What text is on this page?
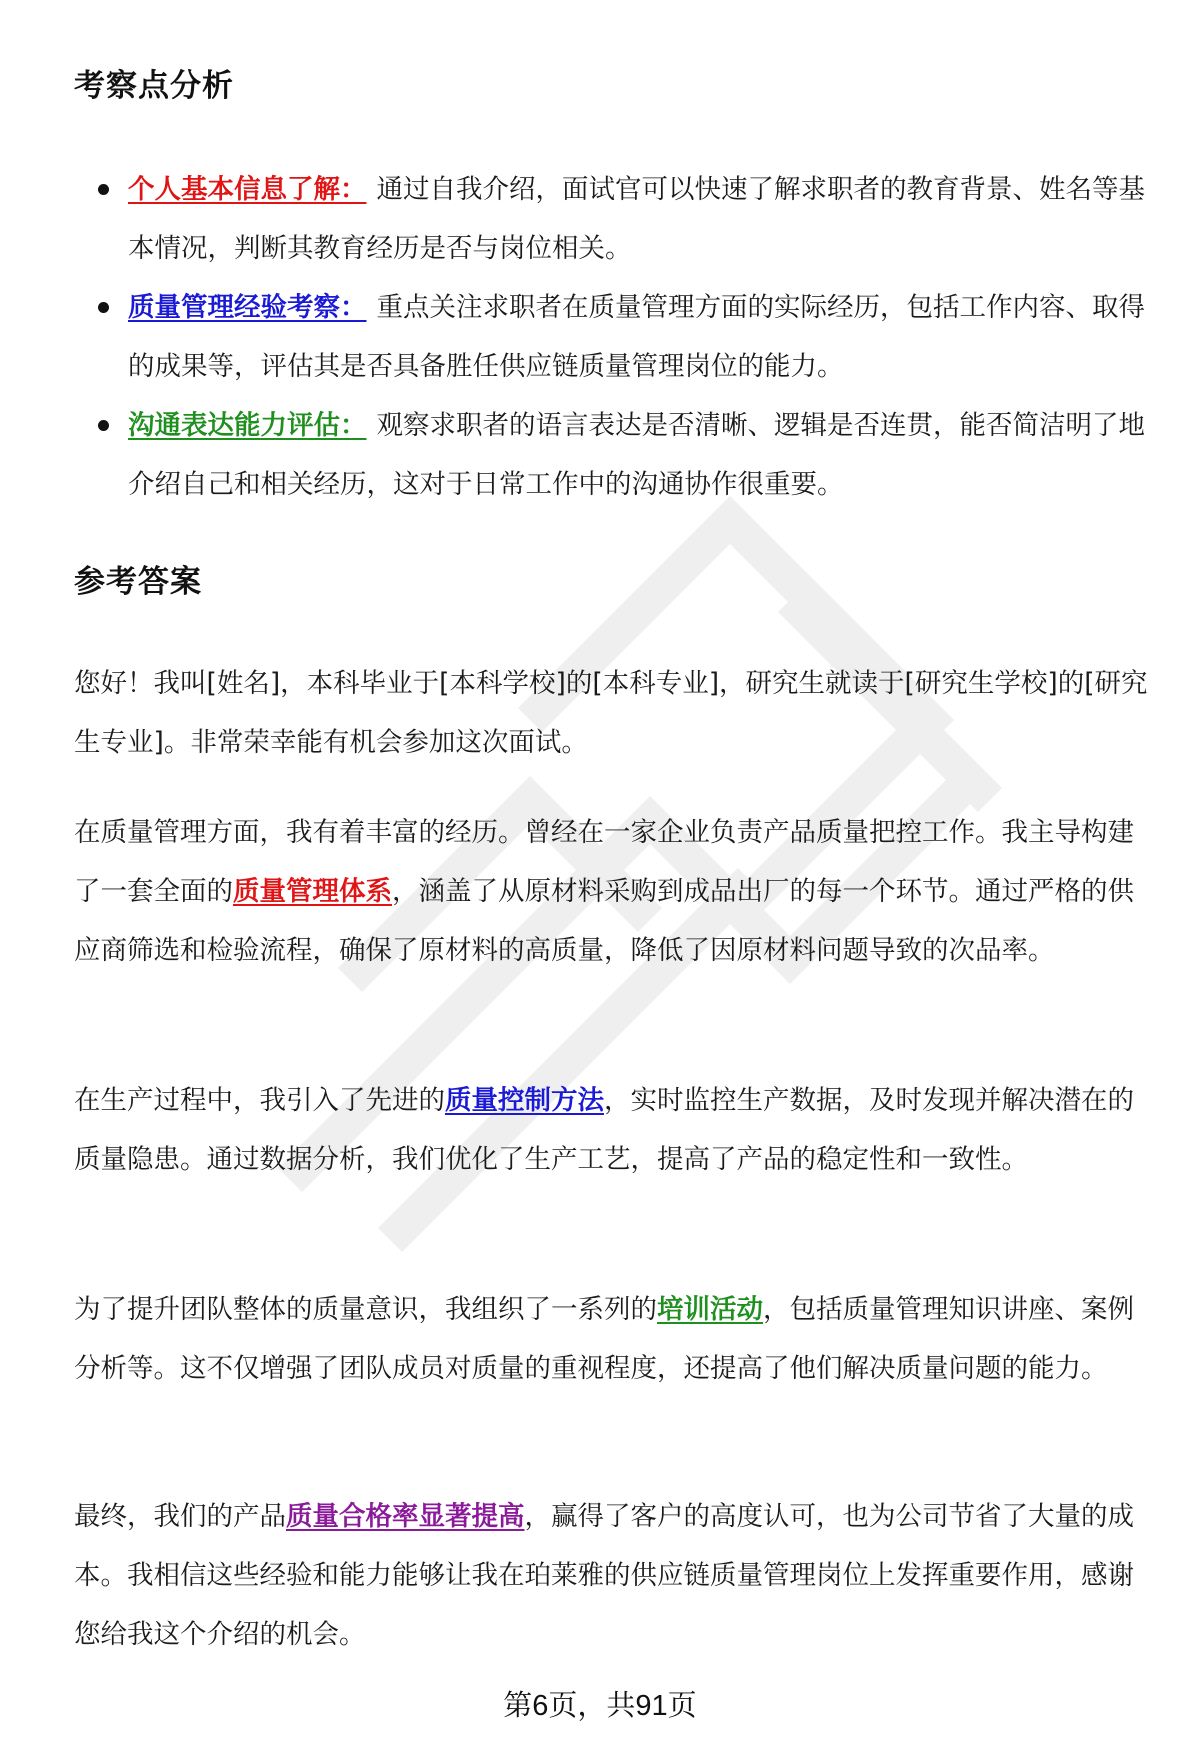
考察点分析
个人基本信息了解： 通过自我介绍，面试官可以快速了解求职者的教育背景、姓名等基本情况，判断其教育经历是否与岗位相关。
质量管理经验考察： 重点关注求职者在质量管理方面的实际经历，包括工作内容、取得的成果等，评估其是否具备胜任供应链质量管理岗位的能力。
沟通表达能力评估： 观察求职者的语言表达是否清晰、逻辑是否连贯，能否简洁明了地介绍自己和相关经历，这对于日常工作中的沟通协作很重要。
参考答案

您好！我叫[姓名]，本科毕业于[本科学校]的[本科专业]，研究生就读于[研究生学校]的[研究生专业]。非常荣幸能有机会参加这次面试。

在质量管理方面，我有着丰富的经历。曾经在一家企业负责产品质量把控工作。我主导构建了一套全面的质量管理体系，涵盖了从原材料采购到成品出厂的每一个环节。通过严格的供应商筛选和检验流程，确保了原材料的高质量，降低了因原材料问题导致的次品率。

在生产过程中，我引入了先进的质量控制方法，实时监控生产数据，及时发现并解决潜在的质量隐患。通过数据分析，我们优化了生产工艺，提高了产品的稳定性和一致性。

为了提升团队整体的质量意识，我组织了一系列的培训活动，包括质量管理知识讲座、案例分析等。这不仅增强了团队成员对质量的重视程度，还提高了他们解决质量问题的能力。

最终，我们的产品质量合格率显著提高，赢得了客户的高度认可，也为公司节省了大量的成本。我相信这些经验和能力能够让我在珀莱雅的供应链质量管理岗位上发挥重要作用，感谢您给我这个介绍的机会。

第6页，共91页
